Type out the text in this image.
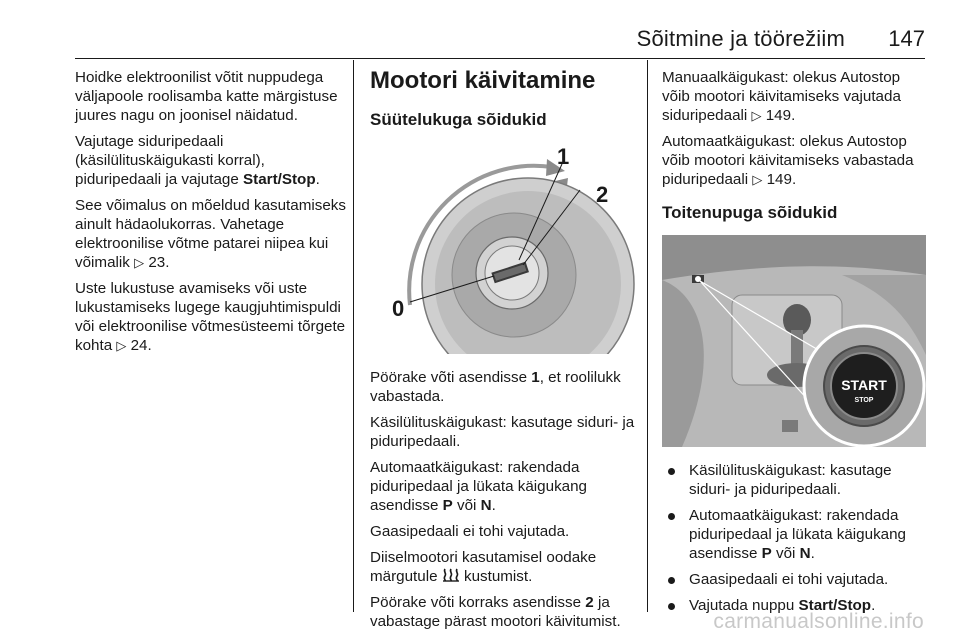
Sõitmine ja töörežiim 147

Hoidke elektroonilist võtit nuppudega väljapoole roolisamba katte märgistuse juures nagu on joonisel näidatud.

Vajutage siduripedaali (käsilülituskäigukasti korral), piduripedaali ja vajutage Start/Stop.

See võimalus on mõeldud kasutamiseks ainult hädaolukorras. Vahetage elektroonilise võtme patarei niipea kui võimalik ▷ 23.

Uste lukustuse avamiseks või uste lukustamiseks lugege kaugjuhtimispuldi või elektroonilise võtmesüsteemi tõrgete kohta ▷ 24.

Mootori käivitamine
Süütelukuga sõidukid
0
1
2

Pöörake võti asendisse 1, et roolilukk vabastada.

Käsilülituskäigukast: kasutage siduri- ja piduripedaali.

Automaatkäigukast: rakendada piduripedaal ja lükata käigukang asendisse P või N.

Gaasipedaali ei tohi vajutada.

Diiselmootori kasutamisel oodake märgutule  kustumist.

Pöörake võti korraks asendisse 2 ja vabastage pärast mootori käivitumist.

Manuaalkäigukast: olekus Autostop võib mootori käivitamiseks vajutada siduripedaali ▷ 149.

Automaatkäigukast: olekus Autostop võib mootori käivitamiseks vabastada piduripedaali ▷ 149.

Toitenupuga sõidukid
START
STOP
Käsilülituskäigukast: kasutage siduri- ja piduripedaali.
Automaatkäigukast: rakendada piduripedaal ja lükata käigukang asendisse P või N.
Gaasipedaali ei tohi vajutada.
Vajutada nuppu Start/Stop.
carmanualsonline.info
